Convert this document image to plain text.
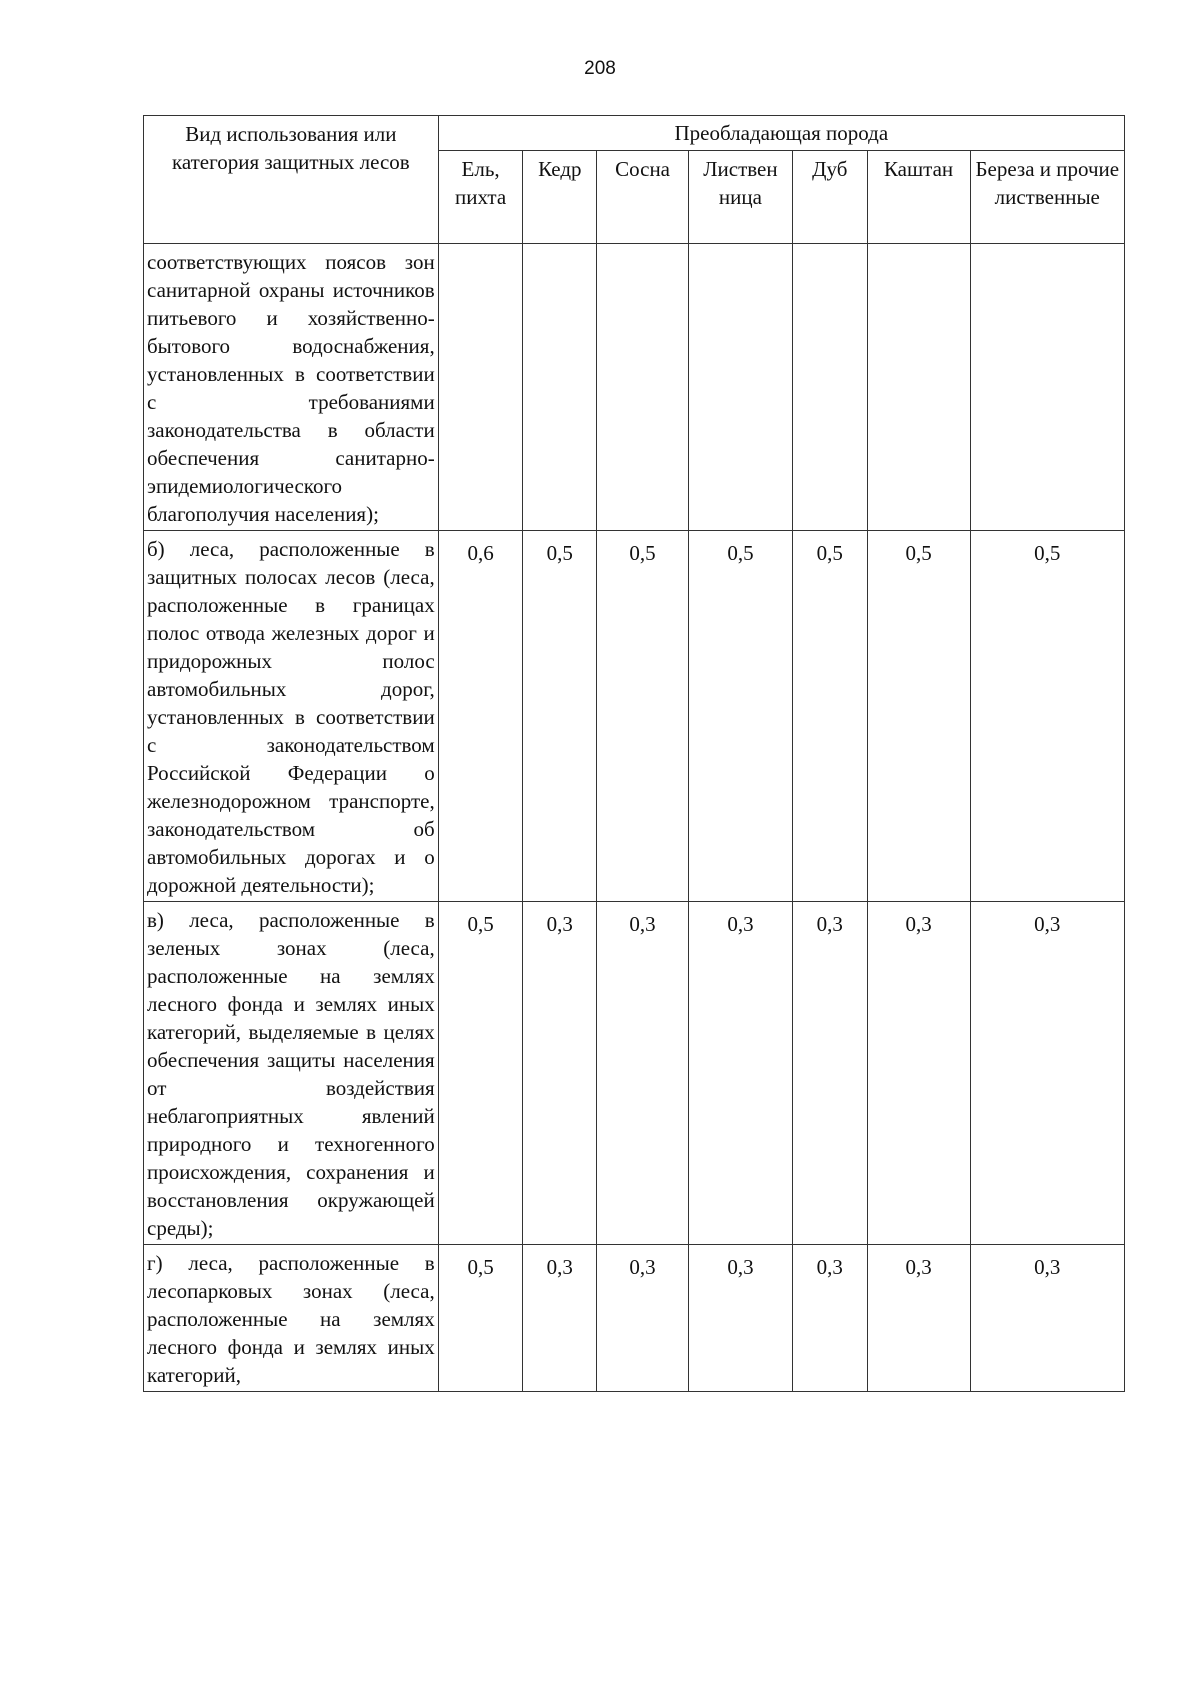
208
Вид использования или категория защитных лесов	Преобладающая порода						
	Ель, пихта	Кедр	Сосна	Листвен ница	Дуб	Каштан	Береза и прочие лиственные
соответствующих поясов зон санитарной охраны источников питьевого и хозяйственно-бытового водоснабжения, установленных в соответствии с требованиями законодательства в области обеспечения санитарно-эпидемиологического благополучия населения);							
б) леса, расположенные в защитных полосах лесов (леса, расположенные в границах полос отвода железных дорог и придорожных полос автомобильных дорог, установленных в соответствии с законодательством Российской Федерации о железнодорожном транспорте, законодательством об автомобильных дорогах и о дорожной деятельности);	0,6	0,5	0,5	0,5	0,5	0,5	0,5
в) леса, расположенные в зеленых зонах (леса, расположенные на землях лесного фонда и землях иных категорий, выделяемые в целях обеспечения защиты населения от воздействия неблагоприятных явлений природного и техногенного происхождения, сохранения и восстановления окружающей среды);	0,5	0,3	0,3	0,3	0,3	0,3	0,3
г) леса, расположенные в лесопарковых зонах (леса, расположенные на землях лесного фонда и землях иных категорий,	0,5	0,3	0,3	0,3	0,3	0,3	0,3
